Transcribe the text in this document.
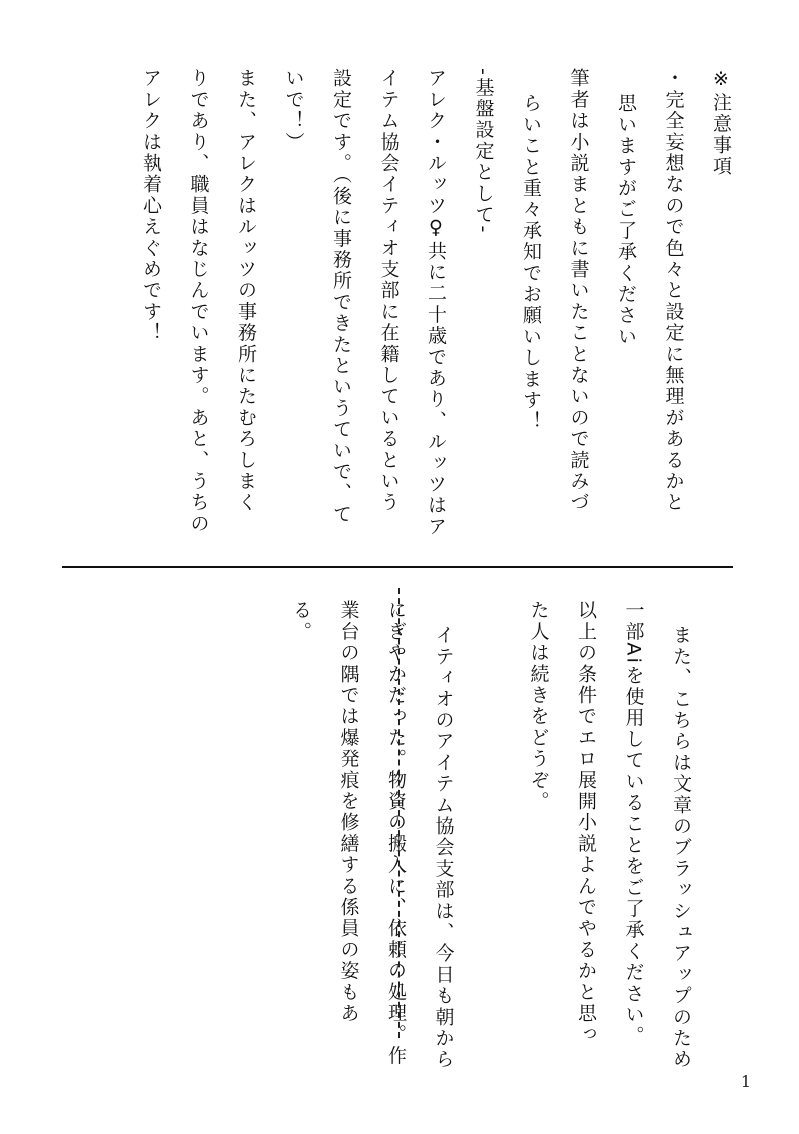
※注意事項
・完全妄想なので色々と設定に無理があるかと
思いますがご了承ください
筆者は小説まともに書いたことないので読みづ
らいこと重々承知でお願いします！
-基盤設定として-
アレク・ルッツ♀共に二十歳であり、ルッツはア
イテム協会イティオ支部に在籍しているという
設定です。（後に事務所できたというていで、て
いで！）
また、アレクはルッツの事務所にたむろしまく
りであり、職員はなじんでいます。あと、うちの
アレクは執着心えぐめです！
また、こちらは文章のブラッシュアップのため
一部Aiを使用していることをご了承ください。
以上の条件でエロ展開小説よんでやるかと思っ
た人は続きをどうぞ。
イティオのアイテム協会支部は、今日も朝から
にぎやかだった。物資の搬入に、依頼の処理。作
業台の隅では爆発痕を修繕する係員の姿もあ
る。
1
